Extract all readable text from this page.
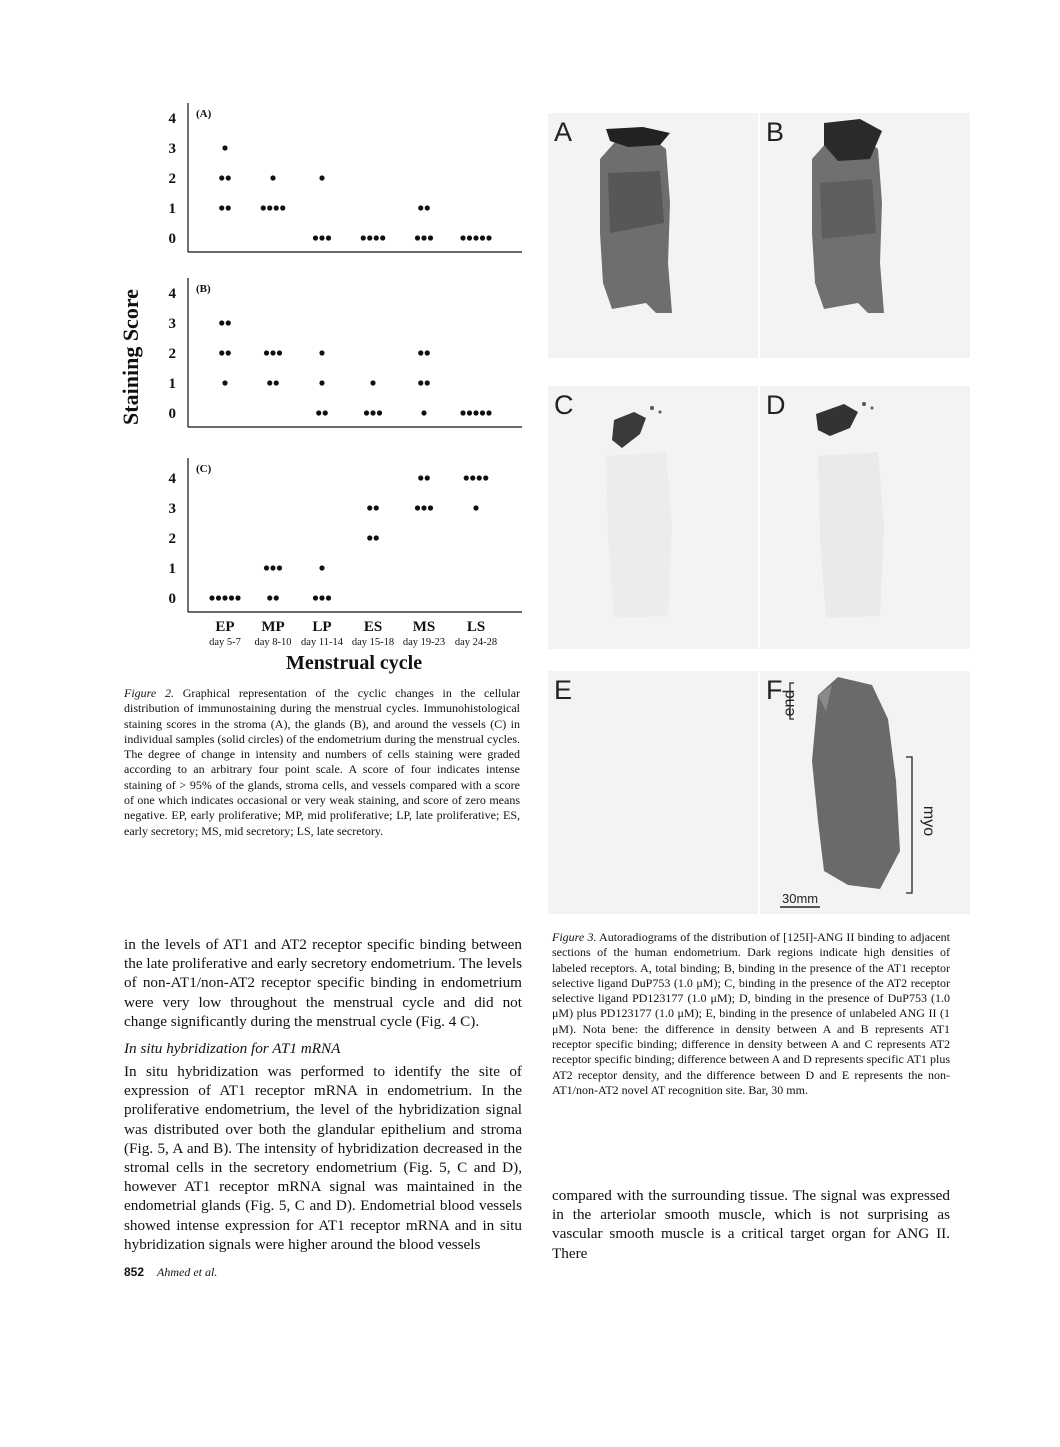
Staining Score
(A)
0
1
2
3
4
(B)
0
1
2
3
4
(C)
0
1
2
3
4
EP
day 5-7
MP
day 8-10
LP
day 11-14
ES
day 15-18
MS
day 19-23
LS
day 24-28
Menstrual cycle
Figure 2. Graphical representation of the cyclic changes in the cellular distribution of immunostaining during the menstrual cycles. Immunohistological staining scores in the stroma (A), the glands (B), and around the vessels (C) in individual samples (solid circles) of the endometrium during the menstrual cycles. The degree of change in intensity and numbers of cells staining were graded according to an arbitrary four point scale. A score of four indicates intense staining of > 95% of the glands, stroma cells, and vessels compared with a score of one which indicates occasional or very weak staining, and score of zero means negative. EP, early proliferative; MP, mid proliferative; LP, late proliferative; ES, early secretory; MS, mid secretory; LS, late secretory.
A	B
C	D
E	F
end
myo
30mm
Figure 3. Autoradiograms of the distribution of [125I]-ANG II binding to adjacent sections of the human endometrium. Dark regions indicate high densities of labeled receptors. A, total binding; B, binding in the presence of the AT1 receptor selective ligand DuP753 (1.0 μM); C, binding in the presence of the AT2 receptor selective ligand PD123177 (1.0 μM); D, binding in the presence of DuP753 (1.0 μM) plus PD123177 (1.0 μM); E, binding in the presence of unlabeled ANG II (1 μM). Nota bene: the difference in density between A and B represents AT1 receptor specific binding; difference in density between A and C represents AT2 receptor specific binding; difference between A and D represents specific AT1 plus AT2 receptor density, and the difference between D and E represents the non-AT1/non-AT2 novel AT recognition site. Bar, 30 mm.
in the levels of AT1 and AT2 receptor specific binding between the late proliferative and early secretory endometrium. The levels of non-AT1/non-AT2 receptor specific binding in endometrium were very low throughout the menstrual cycle and did not change significantly during the menstrual cycle (Fig. 4 C).
In situ hybridization for AT1 mRNA
In situ hybridization was performed to identify the site of expression of AT1 receptor mRNA in endometrium. In the proliferative endometrium, the level of the hybridization signal was distributed over both the glandular epithelium and stroma (Fig. 5, A and B). The intensity of hybridization decreased in the stromal cells in the secretory endometrium (Fig. 5, C and D), however AT1 receptor mRNA signal was maintained in the endometrial glands (Fig. 5, C and D). Endometrial blood vessels showed intense expression for AT1 receptor mRNA and in situ hybridization signals were higher around the blood vessels
compared with the surrounding tissue. The signal was expressed in the arteriolar smooth muscle, which is not surprising as vascular smooth muscle is a critical target organ for ANG II. There
852 Ahmed et al.
